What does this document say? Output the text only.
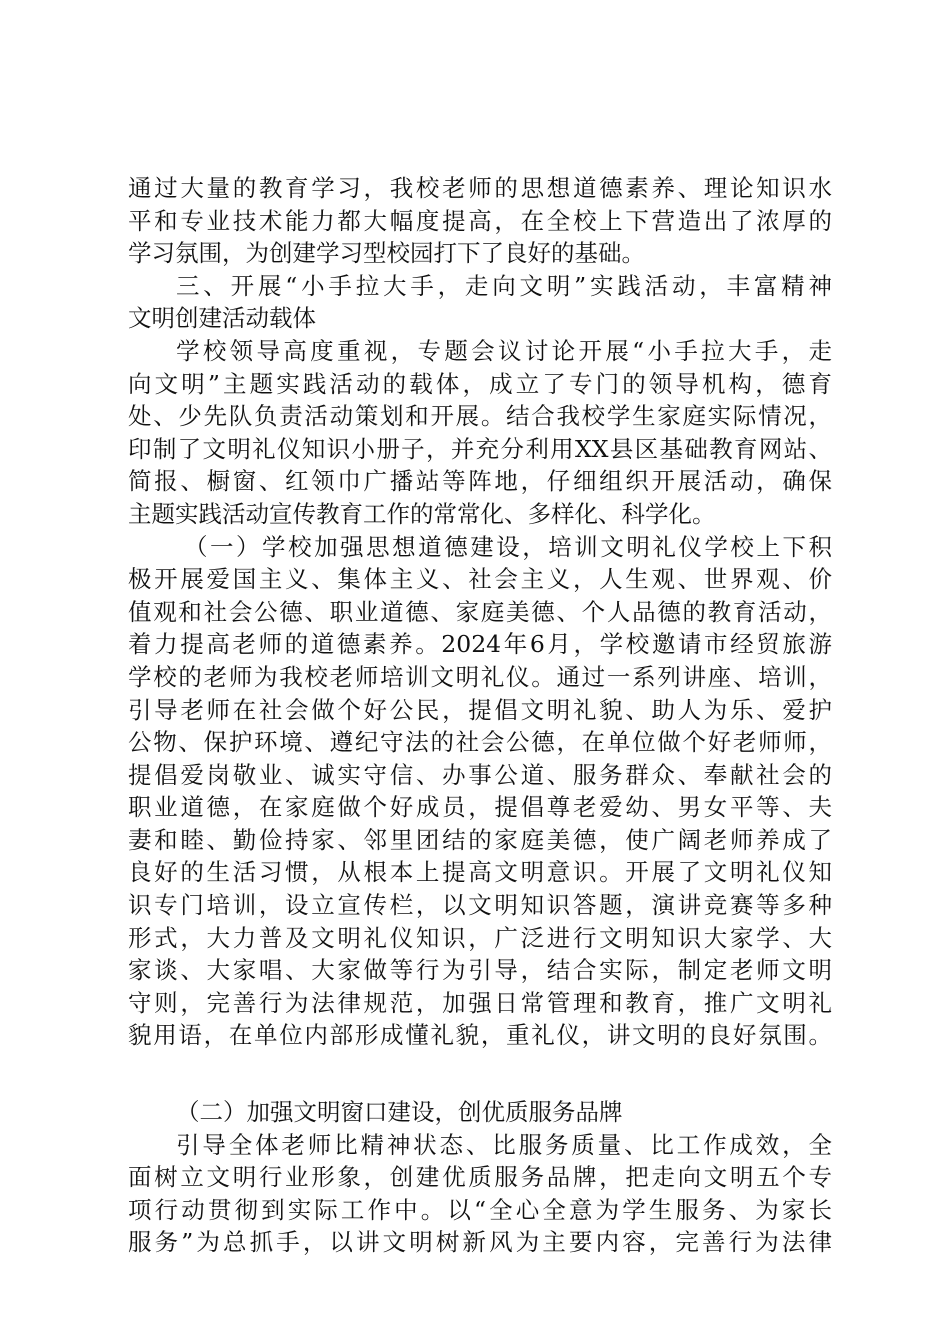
通过大量的教育学习，我校老师的思想道德素养、理论知识水
平和专业技术能力都大幅度提高，在全校上下营造出了浓厚的
学习氛围，为创建学习型校园打下了良好的基础。
三、开展“小手拉大手，走向文明”实践活动，丰富精神
文明创建活动载体
学校领导高度重视，专题会议讨论开展“小手拉大手，走
向文明”主题实践活动的载体，成立了专门的领导机构，德育
处、少先队负责活动策划和开展。结合我校学生家庭实际情况，
印制了文明礼仪知识小册子，并充分利用XX县区基础教育网站、
简报、橱窗、红领巾广播站等阵地，仔细组织开展活动，确保
主题实践活动宣传教育工作的常常化、多样化、科学化。
（一）学校加强思想道德建设，培训文明礼仪学校上下积
极开展爱国主义、集体主义、社会主义，人生观、世界观、价
值观和社会公德、职业道德、家庭美德、个人品德的教育活动，
着力提高老师的道德素养。2024年6月，学校邀请市经贸旅游
学校的老师为我校老师培训文明礼仪。通过一系列讲座、培训，
引导老师在社会做个好公民，提倡文明礼貌、助人为乐、爱护
公物、保护环境、遵纪守法的社会公德，在单位做个好老师师，
提倡爱岗敬业、诚实守信、办事公道、服务群众、奉献社会的
职业道德，在家庭做个好成员，提倡尊老爱幼、男女平等、夫
妻和睦、勤俭持家、邻里团结的家庭美德，使广阔老师养成了
良好的生活习惯，从根本上提高文明意识。开展了文明礼仪知
识专门培训，设立宣传栏，以文明知识答题，演讲竞赛等多种
形式，大力普及文明礼仪知识，广泛进行文明知识大家学、大
家谈、大家唱、大家做等行为引导，结合实际，制定老师文明
守则，完善行为法律规范，加强日常管理和教育，推广文明礼
貌用语，在单位内部形成懂礼貌，重礼仪，讲文明的良好氛围。
（二）加强文明窗口建设，创优质服务品牌
引导全体老师比精神状态、比服务质量、比工作成效，全
面树立文明行业形象，创建优质服务品牌，把走向文明五个专
项行动贯彻到实际工作中。以“全心全意为学生服务、为家长
服务”为总抓手，以讲文明树新风为主要内容，完善行为法律
